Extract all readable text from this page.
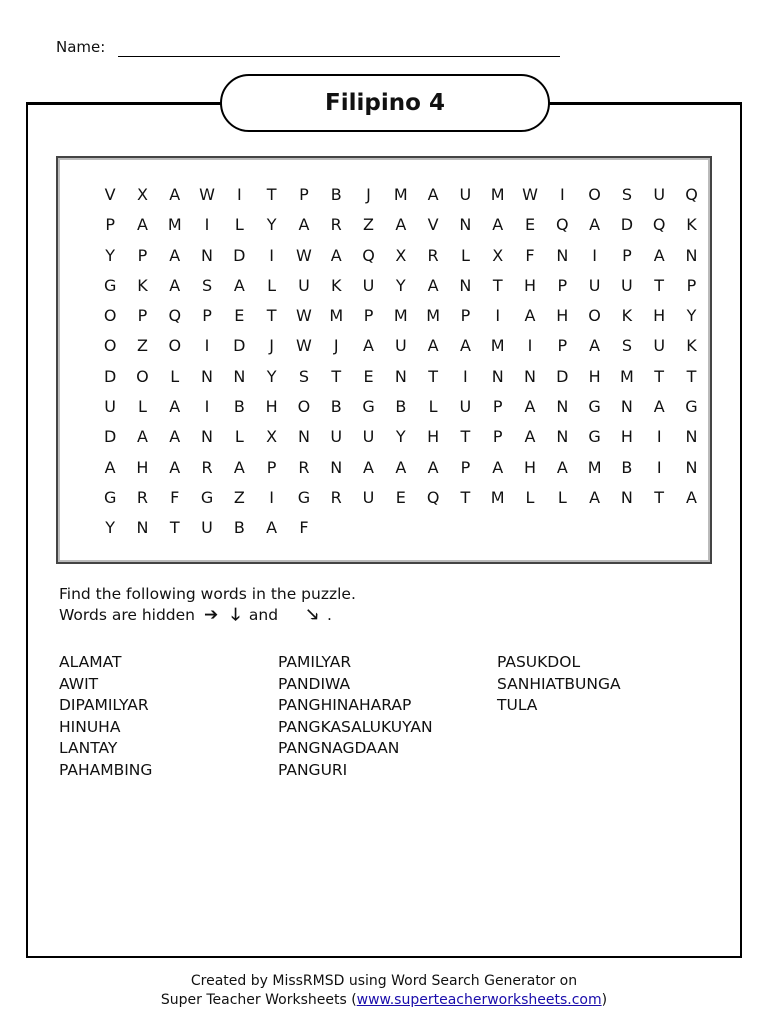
Name:
Filipino 4
V	X	A	W	I	T	P	B	J	M	A	U	M	W	I	O	S	U	Q
P	A	M	I	L	Y	A	R	Z	A	V	N	A	E	Q	A	D	Q	K
Y	P	A	N	D	I	W	A	Q	X	R	L	X	F	N	I	P	A	N
G	K	A	S	A	L	U	K	U	Y	A	N	T	H	P	U	U	T	P
O	P	Q	P	E	T	W	M	P	M	M	P	I	A	H	O	K	H	Y
O	Z	O	I	D	J	W	J	A	U	A	A	M	I	P	A	S	U	K
D	O	L	N	N	Y	S	T	E	N	T	I	N	N	D	H	M	T	T
U	L	A	I	B	H	O	B	G	B	L	U	P	A	N	G	N	A	G
D	A	A	N	L	X	N	U	U	Y	H	T	P	A	N	G	H	I	N
A	H	A	R	A	P	R	N	A	A	A	P	A	H	A	M	B	I	N
G	R	F	G	Z	I	G	R	U	E	Q	T	M	L	L	A	N	T	A
Y	N	T	U	B	A	F
Find the following words in the puzzle.
Words are hidden ➔ 🡓 and 🡖 .
ALAMAT
AWIT
DIPAMILYAR
HINUHA
LANTAY
PAHAMBING
PAMILYAR
PANDIWA
PANGHINAHARAP
PANGKASALUKUYAN
PANGNAGDAAN
PANGURI
PASUKDOL
SANHIATBUNGA
TULA
Created by MissRMSD using Word Search Generator on
Super Teacher Worksheets (www.superteacherworksheets.com)
